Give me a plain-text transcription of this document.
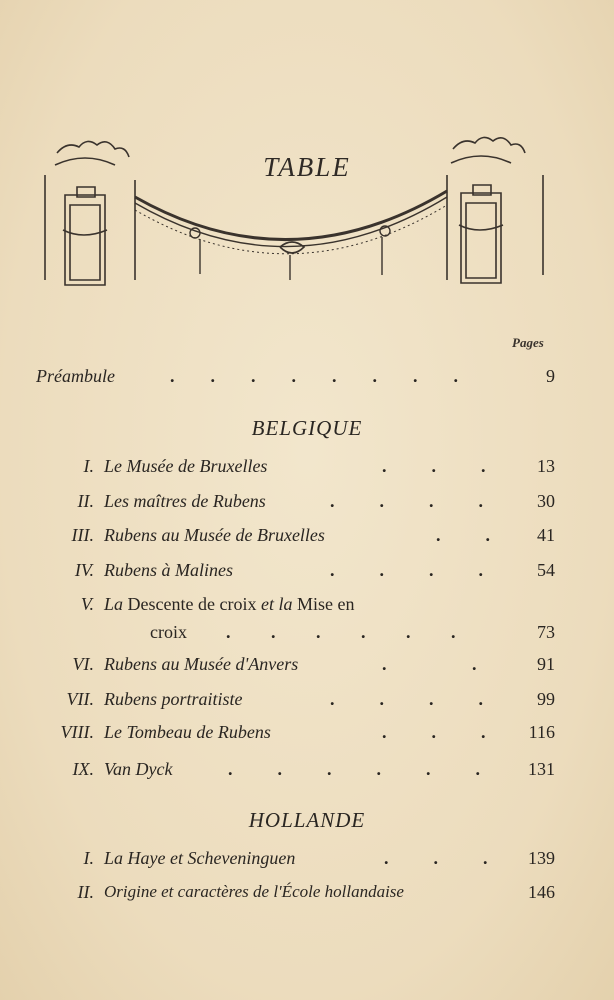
TABLE
Pages
Préambule	.        .        .        .        .        .        .        .	9
BELGIQUE
I. Le Musée de Bruxelles	.          .          .	13
II. Les maîtres de Rubens	.          .          .          .	30
III. Rubens au Musée de Bruxelles	.          .	41
IV. Rubens à Malines	.          .          .          .	54
V. La Descente de croix et la Mise en
croix .         .         .         .         .         .	73
VI. Rubens au Musée d'Anvers	.                   .	91
VII. Rubens portraitiste	.          .          .          .	99
VIII. Le Tombeau de Rubens	.          .          .	116
IX. Van Dyck	.          .          .          .          .          .	131
HOLLANDE
I. La Haye et Scheveninguen	.          .          .	139
II. Origine et caractères de l'École hollandaise	146
